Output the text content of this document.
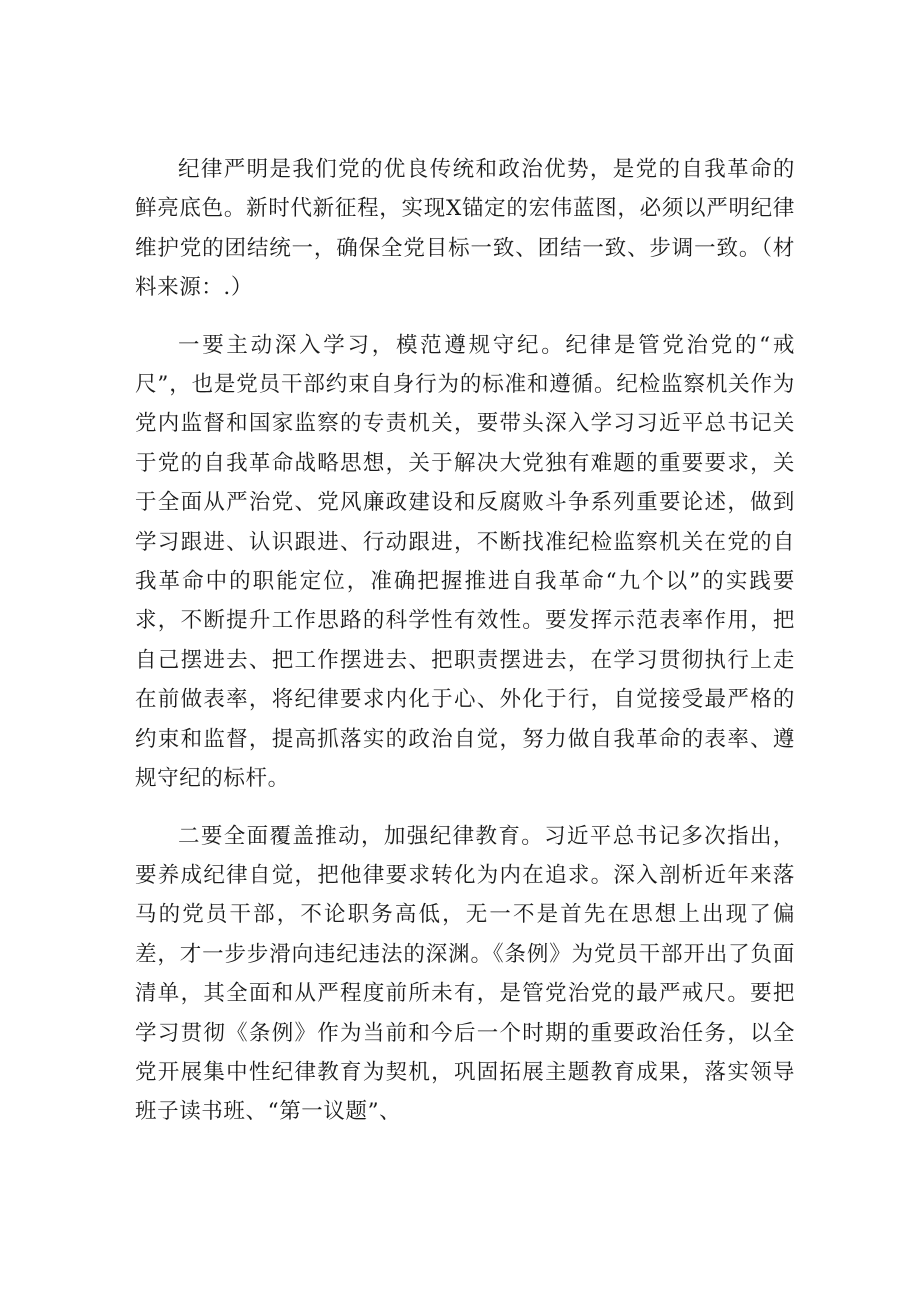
纪律严明是我们党的优良传统和政治优势，是党的自我革命的鲜亮底色。新时代新征程，实现X锚定的宏伟蓝图，必须以严明纪律维护党的团结统一，确保全党目标一致、团结一致、步调一致。（材料来源：.）

一要主动深入学习，模范遵规守纪。纪律是管党治党的“戒尺”，也是党员干部约束自身行为的标准和遵循。纪检监察机关作为党内监督和国家监察的专责机关，要带头深入学习习近平总书记关于党的自我革命战略思想，关于解决大党独有难题的重要要求，关于全面从严治党、党风廉政建设和反腐败斗争系列重要论述，做到学习跟进、认识跟进、行动跟进，不断找准纪检监察机关在党的自我革命中的职能定位，准确把握推进自我革命“九个以”的实践要求，不断提升工作思路的科学性有效性。要发挥示范表率作用，把自己摆进去、把工作摆进去、把职责摆进去，在学习贯彻执行上走在前做表率，将纪律要求内化于心、外化于行，自觉接受最严格的约束和监督，提高抓落实的政治自觉，努力做自我革命的表率、遵规守纪的标杆。

二要全面覆盖推动，加强纪律教育。习近平总书记多次指出，要养成纪律自觉，把他律要求转化为内在追求。深入剖析近年来落马的党员干部，不论职务高低，无一不是首先在思想上出现了偏差，才一步步滑向违纪违法的深渊。《条例》为党员干部开出了负面清单，其全面和从严程度前所未有，是管党治党的最严戒尺。要把学习贯彻《条例》作为当前和今后一个时期的重要政治任务，以全党开展集中性纪律教育为契机，巩固拓展主题教育成果，落实领导班子读书班、“第一议题”、
